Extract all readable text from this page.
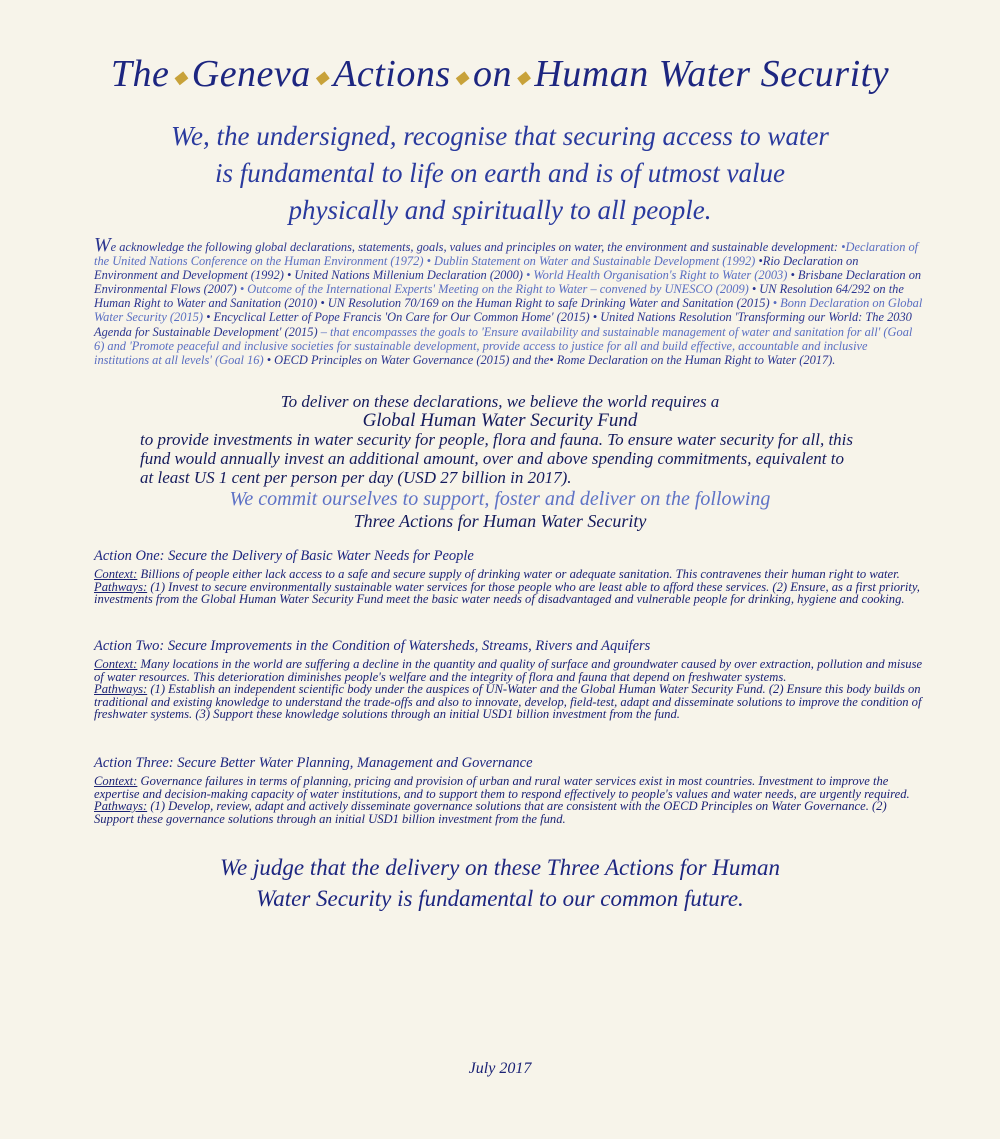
The ◆ Geneva ◆ Actions ◆ on ◆ Human Water Security
We, the undersigned, recognise that securing access to water
is fundamental to life on earth and is of utmost value
physically and spiritually to all people.
We acknowledge the following global declarations, statements, goals, values and principles on water, the environment and sustainable development: •Declaration of the United Nations Conference on the Human Environment (1972) • Dublin Statement on Water and Sustainable Development (1992) •Rio Declaration on Environment and Development (1992) • United Nations Millenium Declaration (2000) • World Health Organisation's Right to Water (2003) • Brisbane Declaration on Environmental Flows (2007) • Outcome of the International Experts' Meeting on the Right to Water – convened by UNESCO (2009) • UN Resolution 64/292 on the Human Right to Water and Sanitation (2010) • UN Resolution 70/169 on the Human Right to safe Drinking Water and Sanitation (2015) • Bonn Declaration on Global Water Security (2015) • Encyclical Letter of Pope Francis 'On Care for Our Common Home' (2015) • United Nations Resolution 'Transforming our World: The 2030 Agenda for Sustainable Development' (2015) – that encompasses the goals to 'Ensure availability and sustainable management of water and sanitation for all' (Goal 6) and 'Promote peaceful and inclusive societies for sustainable development, provide access to justice for all and build effective, accountable and inclusive institutions at all levels' (Goal 16) • OECD Principles on Water Governance (2015) and the• Rome Declaration on the Human Right to Water (2017).
To deliver on these declarations, we believe the world requires a
Global Human Water Security Fund

to provide investments in water security for people, flora and fauna. To ensure water security for all, this fund would annually invest an additional amount, over and above spending commitments, equivalent to at least US 1 cent per person per day (USD 27 billion in 2017).

We commit ourselves to support, foster and deliver on the following
Three Actions for Human Water Security
Action One: Secure the Delivery of Basic Water Needs for People

Context: Billions of people either lack access to a safe and secure supply of drinking water or adequate sanitation. This contravenes their human right to water.

Pathways: (1) Invest to secure environmentally sustainable water services for those people who are least able to afford these services. (2) Ensure, as a first priority, investments from the Global Human Water Security Fund meet the basic water needs of disadvantaged and vulnerable people for drinking, hygiene and cooking.

Action Two: Secure Improvements in the Condition of Watersheds, Streams, Rivers and Aquifers

Context: Many locations in the world are suffering a decline in the quantity and quality of surface and groundwater caused by over extraction, pollution and misuse of water resources. This deterioration diminishes people's welfare and the integrity of flora and fauna that depend on freshwater systems.

Pathways: (1) Establish an independent scientific body under the auspices of UN-Water and the Global Human Water Security Fund. (2) Ensure this body builds on traditional and existing knowledge to understand the trade-offs and also to innovate, develop, field-test, adapt and disseminate solutions to improve the condition of freshwater systems. (3) Support these knowledge solutions through an initial USD1 billion investment from the fund.

Action Three: Secure Better Water Planning, Management and Governance

Context: Governance failures in terms of planning, pricing and provision of urban and rural water services exist in most countries. Investment to improve the expertise and decision-making capacity of water institutions, and to support them to respond effectively to people's values and water needs, are urgently required.

Pathways: (1) Develop, review, adapt and actively disseminate governance solutions that are consistent with the OECD Principles on Water Governance. (2) Support these governance solutions through an initial USD1 billion investment from the fund.

We judge that the delivery on these Three Actions for Human
Water Security is fundamental to our common future.
July 2017
